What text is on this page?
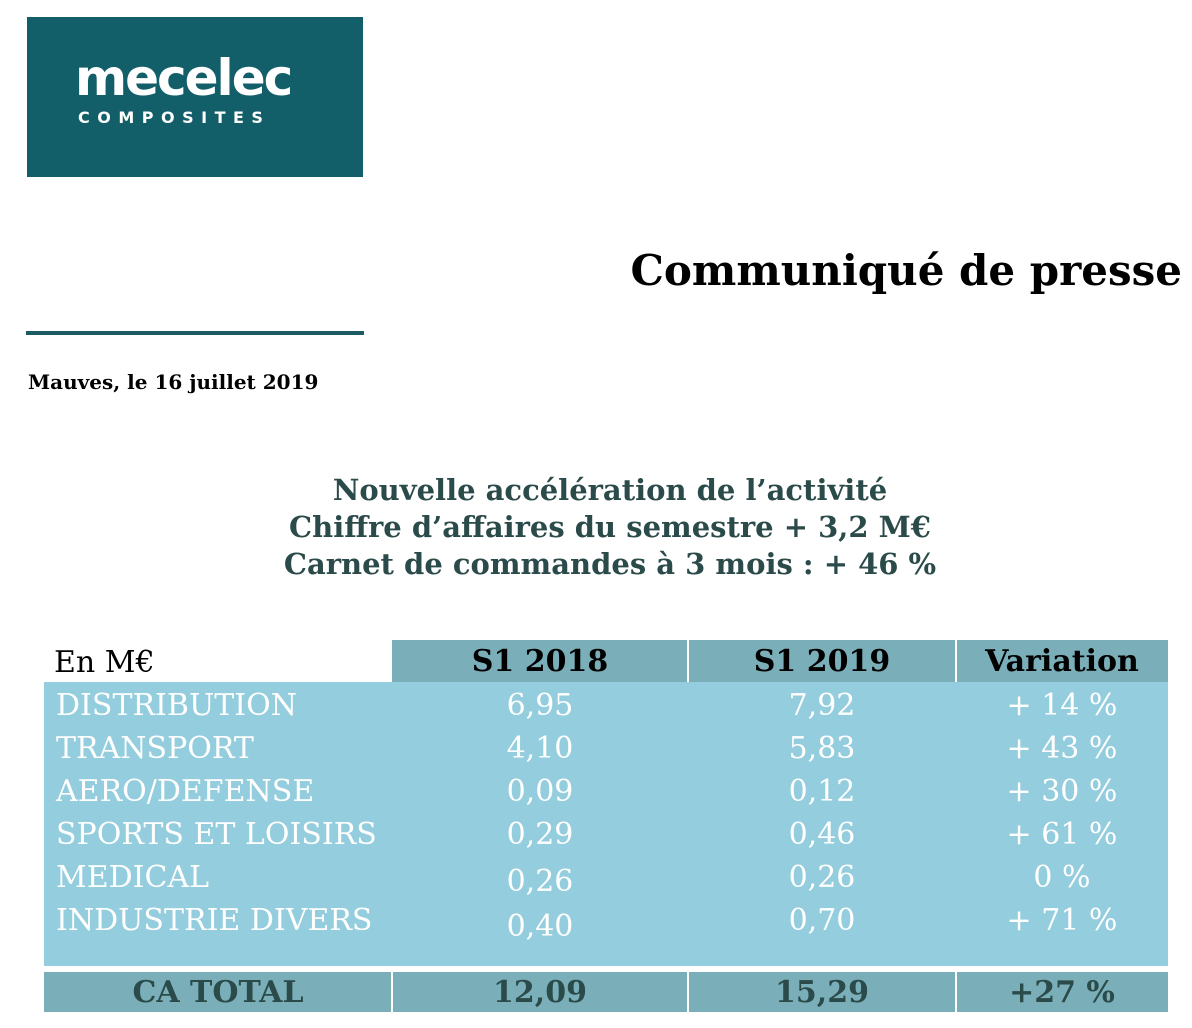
mecelec
COMPOSITES
Communiqué de presse
Mauves, le 16 juillet 2019
Nouvelle accélération de l’activité
Chiffre d’affaires du semestre + 3,2 M€
Carnet de commandes à 3 mois : + 46 %
En M€	S1 2018	S1 2019	Variation
DISTRIBUTION	6,95	7,92	+ 14 %
TRANSPORT	4,10	5,83	+ 43 %
AERO/DEFENSE	0,09	0,12	+ 30 %
SPORTS ET LOISIRS	0,29	0,46	+ 61 %
MEDICAL	0,26	0,26	0 %
INDUSTRIE DIVERS	0,40	0,70	+ 71 %
CA TOTAL	12,09	15,29	+27 %
